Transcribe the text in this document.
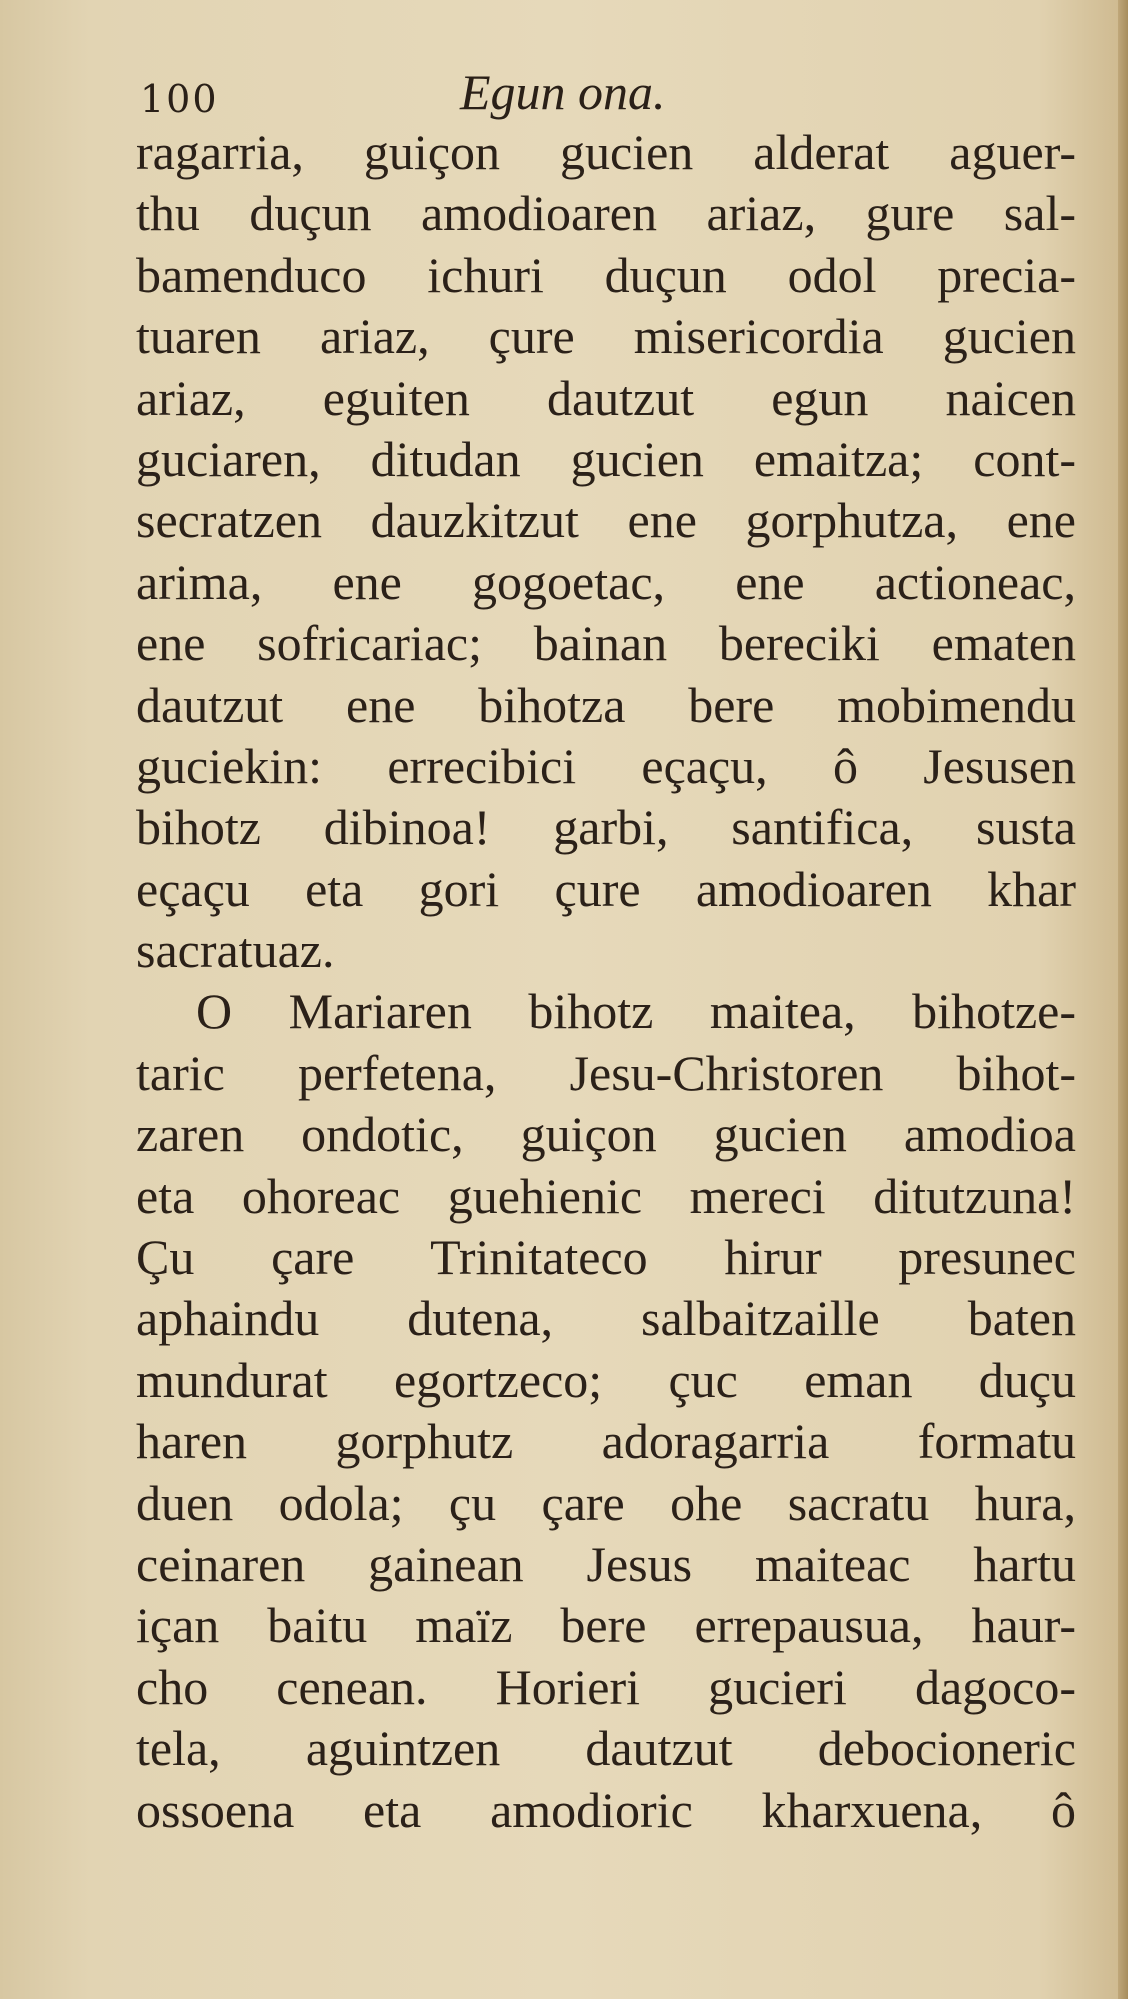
100	Egun ona.
ragarria, guiçon gucien alderat aguer-
thu duçun amodioaren ariaz, gure sal-
bamenduco ichuri duçun odol precia-
tuaren ariaz, çure misericordia gucien
ariaz, eguiten dautzut egun naicen
guciaren, ditudan gucien emaitza; cont-
secratzen dauzkitzut ene gorphutza, ene
arima, ene gogoetac, ene actioneac,
ene sofricariac; bainan bereciki ematen
dautzut ene bihotza bere mobimendu
guciekin: errecibici eçaçu, ô Jesusen
bihotz dibinoa! garbi, santifica, susta
eçaçu eta gori çure amodioaren khar
sacratuaz.
O Mariaren bihotz maitea, bihotze-
taric perfetena, Jesu-Christoren bihot-
zaren ondotic, guiçon gucien amodioa
eta ohoreac guehienic mereci ditutzuna!
Çu çare Trinitateco hirur presunec
aphaindu dutena, salbaitzaille baten
mundurat egortzeco; çuc eman duçu
haren gorphutz adoragarria formatu
duen odola; çu çare ohe sacratu hura,
ceinaren gainean Jesus maiteac hartu
içan baitu maïz bere errepausua, haur-
cho cenean. Horieri gucieri dagoco-
tela, aguintzen dautzut debocioneric
ossoena eta amodioric kharxuena, ô
